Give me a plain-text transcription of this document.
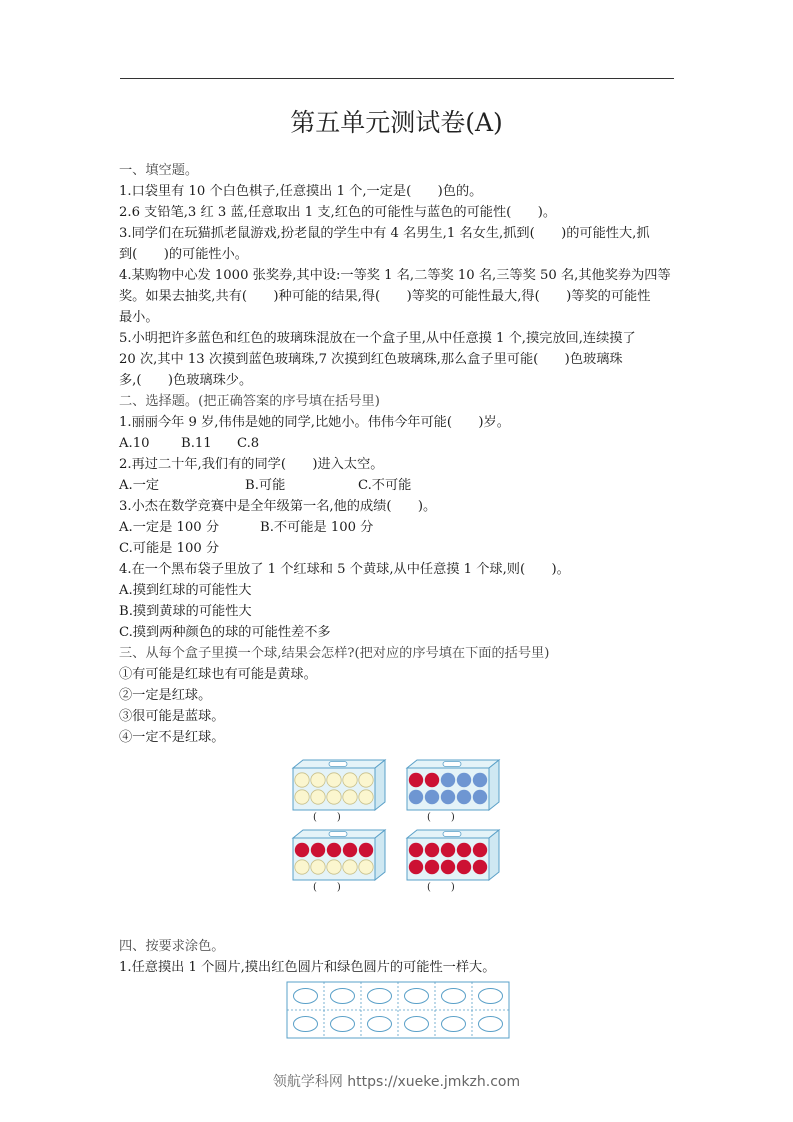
第五单元测试卷(A)
一、填空题。
1.口袋里有 10 个白色棋子,任意摸出 1 个,一定是(　　)色的。
2.6 支铅笔,3 红 3 蓝,任意取出 1 支,红色的可能性与蓝色的可能性(　　)。
3.同学们在玩猫抓老鼠游戏,扮老鼠的学生中有 4 名男生,1 名女生,抓到(　　)的可能性大,抓
到(　　)的可能性小。
4.某购物中心发 1000 张奖券,其中设:一等奖 1 名,二等奖 10 名,三等奖 50 名,其他奖券为四等
奖。如果去抽奖,共有(　　)种可能的结果,得(　　)等奖的可能性最大,得(　　)等奖的可能性
最小。
5.小明把许多蓝色和红色的玻璃珠混放在一个盒子里,从中任意摸 1 个,摸完放回,连续摸了
20 次,其中 13 次摸到蓝色玻璃珠,7 次摸到红色玻璃珠,那么盒子里可能(　　)色玻璃珠
多,(　　)色玻璃珠少。
二、选择题。(把正确答案的序号填在括号里)
1.丽丽今年 9 岁,伟伟是她的同学,比她小。伟伟今年可能(　　)岁。
A.10	B.11	C.8
2.再过二十年,我们有的同学(　　)进入太空。
A.一定	B.可能	C.不可能
3.小杰在数学竞赛中是全年级第一名,他的成绩(　　)。
A.一定是 100 分	B.不可能是 100 分
C.可能是 100 分
4.在一个黑布袋子里放了 1 个红球和 5 个黄球,从中任意摸 1 个球,则(　　)。
A.摸到红球的可能性大
B.摸到黄球的可能性大
C.摸到两种颜色的球的可能性差不多
三、从每个盒子里摸一个球,结果会怎样?(把对应的序号填在下面的括号里)
①有可能是红球也有可能是黄球。
②一定是红球。
③很可能是蓝球。
④一定不是红球。
(　　)	(　　)
(　　)	(　　)
四、按要求涂色。
1.任意摸出 1 个圆片,摸出红色圆片和绿色圆片的可能性一样大。
领航学科网 https://xueke.jmkzh.com
